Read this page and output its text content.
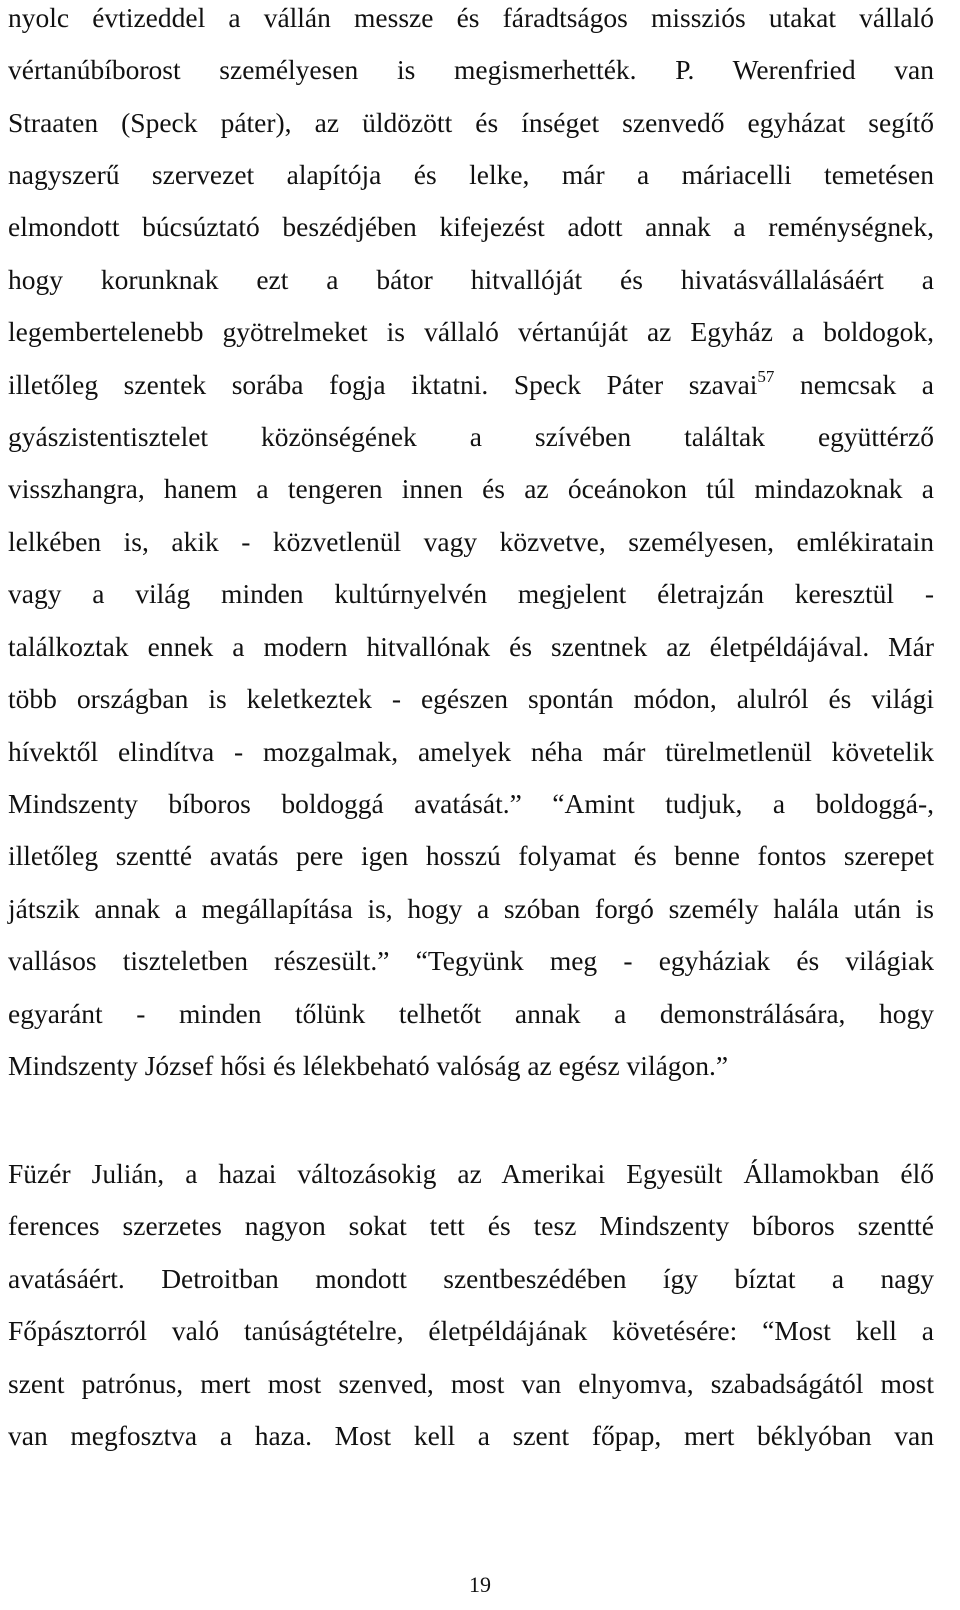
nyolc évtizeddel a vállán messze és fáradtságos missziós utakat vállaló
vértanúbíborost személyesen is megismerhették. P. Werenfried van
Straaten (Speck páter), az üldözött és ínséget szenvedő egyházat segítő
nagyszerű szervezet alapítója és lelke, már a máriacelli temetésen
elmondott búcsúztató beszédjében kifejezést adott annak a reménységnek,
hogy korunknak ezt a bátor hitvallóját és hivatásvállalásáért a
legembertelenebb gyötrelmeket is vállaló vértanúját az Egyház a boldogok,
illetőleg szentek sorába fogja iktatni. Speck Páter szavai$^{57}$ nemcsak a
gyászistentisztelet közönségének a szívében találtak együttérző
visszhangra, hanem a tengeren innen és az óceánokon túl mindazoknak a
lelkében is, akik - közvetlenül vagy közvetve, személyesen, emlékiratain
vagy a világ minden kultúrnyelvén megjelent életrajzán keresztül -
találkoztak ennek a modern hitvallónak és szentnek az életpéldájával. Már
több országban is keletkeztek - egészen spontán módon, alulról és világi
hívektől elindítva - mozgalmak, amelyek néha már türelmetlenül követelik
Mindszenty bíboros boldoggá avatását.” “Amint tudjuk, a boldoggá-,
illetőleg szentté avatás pere igen hosszú folyamat és benne fontos szerepet
játszik annak a megállapítása is, hogy a szóban forgó személy halála után is
vallásos tiszteletben részesült.” “Tegyünk meg - egyháziak és világiak
egyaránt - minden tőlünk telhetőt annak a demonstrálására, hogy
Mindszenty József hősi és lélekbeható valóság az egész világon.”
Füzér Julián, a hazai változásokig az Amerikai Egyesült Államokban élő
ferences szerzetes nagyon sokat tett és tesz Mindszenty bíboros szentté
avatásáért. Detroitban mondott szentbeszédében így bíztat a nagy
Főpásztorról való tanúságtételre, életpéldájának követésére: “Most kell a
szent patrónus, mert most szenved, most van elnyomva, szabadságától most
van megfosztva a haza. Most kell a szent főpap, mert béklyóban van
19
